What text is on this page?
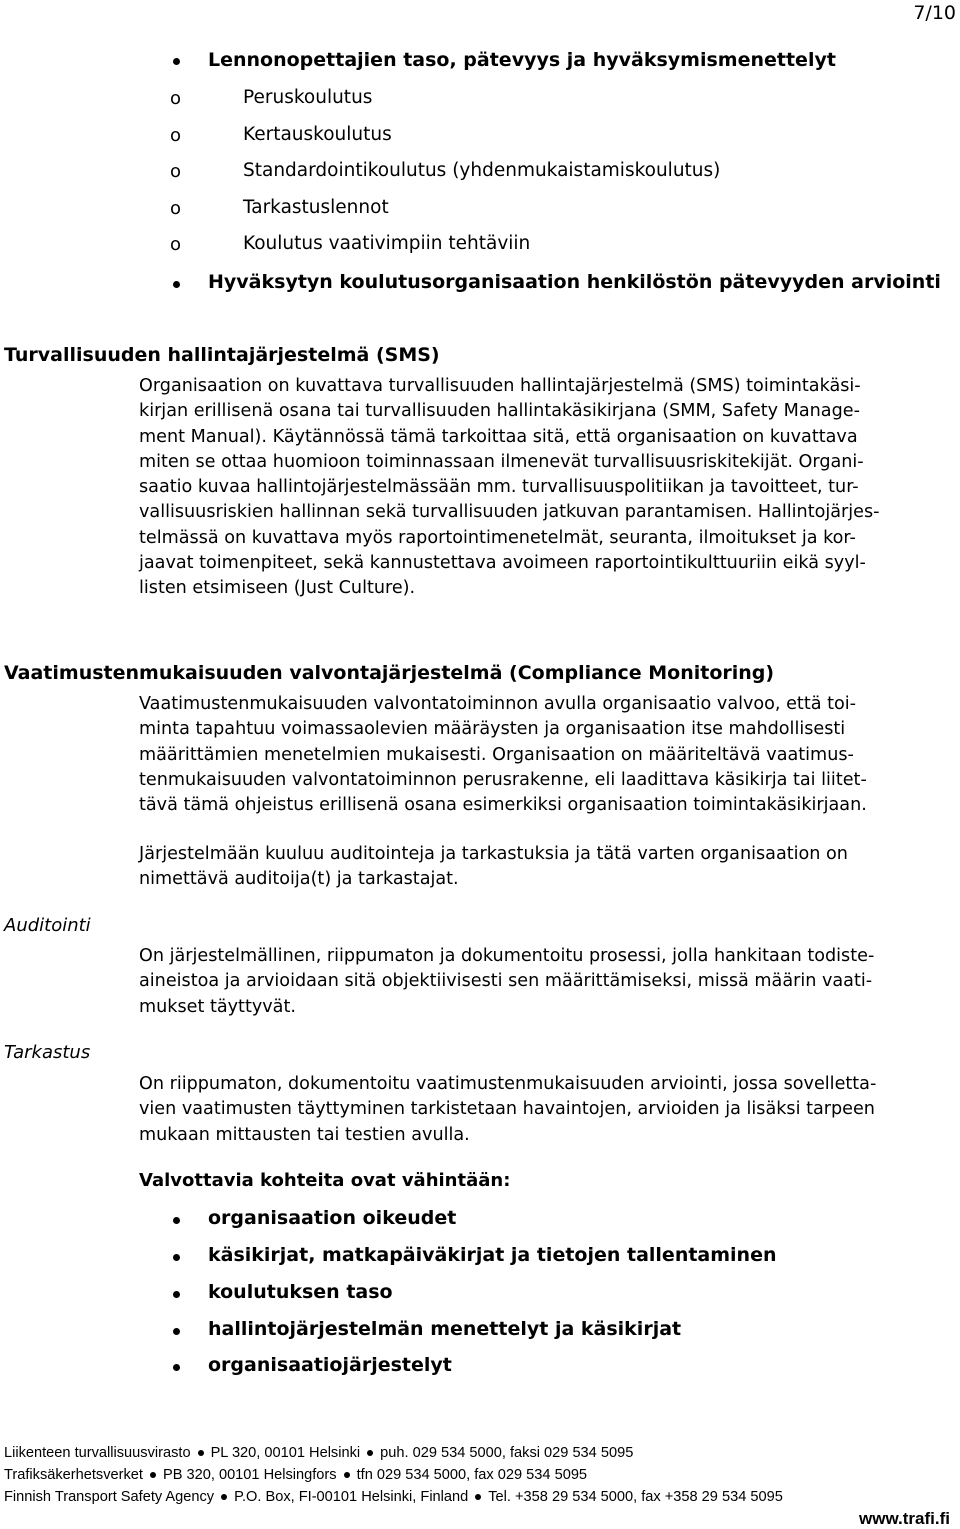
7/10
Lennonopettajien taso, pätevyys ja hyväksymismenettelyt
o	Peruskoulutus
o	Kertauskoulutus
o	Standardointikoulutus (yhdenmukaistamiskoulutus)
o	Tarkastuslennot
o	Koulutus vaativimpiin tehtäviin
Hyväksytyn koulutusorganisaation henkilöstön pätevyyden arviointi
Turvallisuuden hallintajärjestelmä (SMS)

Organisaation on kuvattava turvallisuuden hallintajärjestelmä (SMS) toimintakäsi-
kirjan erillisenä osana tai turvallisuuden hallintakäsikirjana (SMM, Safety Manage-
ment Manual). Käytännössä tämä tarkoittaa sitä, että organisaation on kuvattava
miten se ottaa huomioon toiminnassaan ilmenevät turvallisuusriskitekijät. Organi-
saatio kuvaa hallintojärjestelmässään mm. turvallisuuspolitiikan ja tavoitteet, tur-
vallisuusriskien hallinnan sekä turvallisuuden jatkuvan parantamisen. Hallintojärjes-
telmässä on kuvattava myös raportointimenetelmät, seuranta, ilmoitukset ja kor-
jaavat toimenpiteet, sekä kannustettava avoimeen raportointikulttuuriin eikä syyl-
listen etsimiseen (Just Culture).

Vaatimustenmukaisuuden valvontajärjestelmä (Compliance Monitoring)

Vaatimustenmukaisuuden valvontatoiminnon avulla organisaatio valvoo, että toi-
minta tapahtuu voimassaolevien määräysten ja organisaation itse mahdollisesti
määrittämien menetelmien mukaisesti. Organisaation on määriteltävä vaatimus-
tenmukaisuuden valvontatoiminnon perusrakenne, eli laadittava käsikirja tai liitet-
tävä tämä ohjeistus erillisenä osana esimerkiksi organisaation toimintakäsikirjaan.

Järjestelmään kuuluu auditointeja ja tarkastuksia ja tätä varten organisaation on
nimettävä auditoija(t) ja tarkastajat.

Auditointi

On järjestelmällinen, riippumaton ja dokumentoitu prosessi, jolla hankitaan todiste-
aineistoa ja arvioidaan sitä objektiivisesti sen määrittämiseksi, missä määrin vaati-
mukset täyttyvät.

Tarkastus

On riippumaton, dokumentoitu vaatimustenmukaisuuden arviointi, jossa sovelletta-
vien vaatimusten täyttyminen tarkistetaan havaintojen, arvioiden ja lisäksi tarpeen
mukaan mittausten tai testien avulla.

Valvottavia kohteita ovat vähintään:
organisaation oikeudet
käsikirjat, matkapäiväkirjat ja tietojen tallentaminen
koulutuksen taso
hallintojärjestelmän menettelyt ja käsikirjat
organisaatiojärjestelyt
Liikenteen turvallisuusvirasto PL 320, 00101 Helsinki puh. 029 534 5000, faksi 029 534 5095
Trafiksäkerhetsverket PB 320, 00101 Helsingfors tfn 029 534 5000, fax 029 534 5095
Finnish Transport Safety Agency P.O. Box, FI-00101 Helsinki, Finland Tel. +358 29 534 5000, fax +358 29 534 5095
www.trafi.fi
